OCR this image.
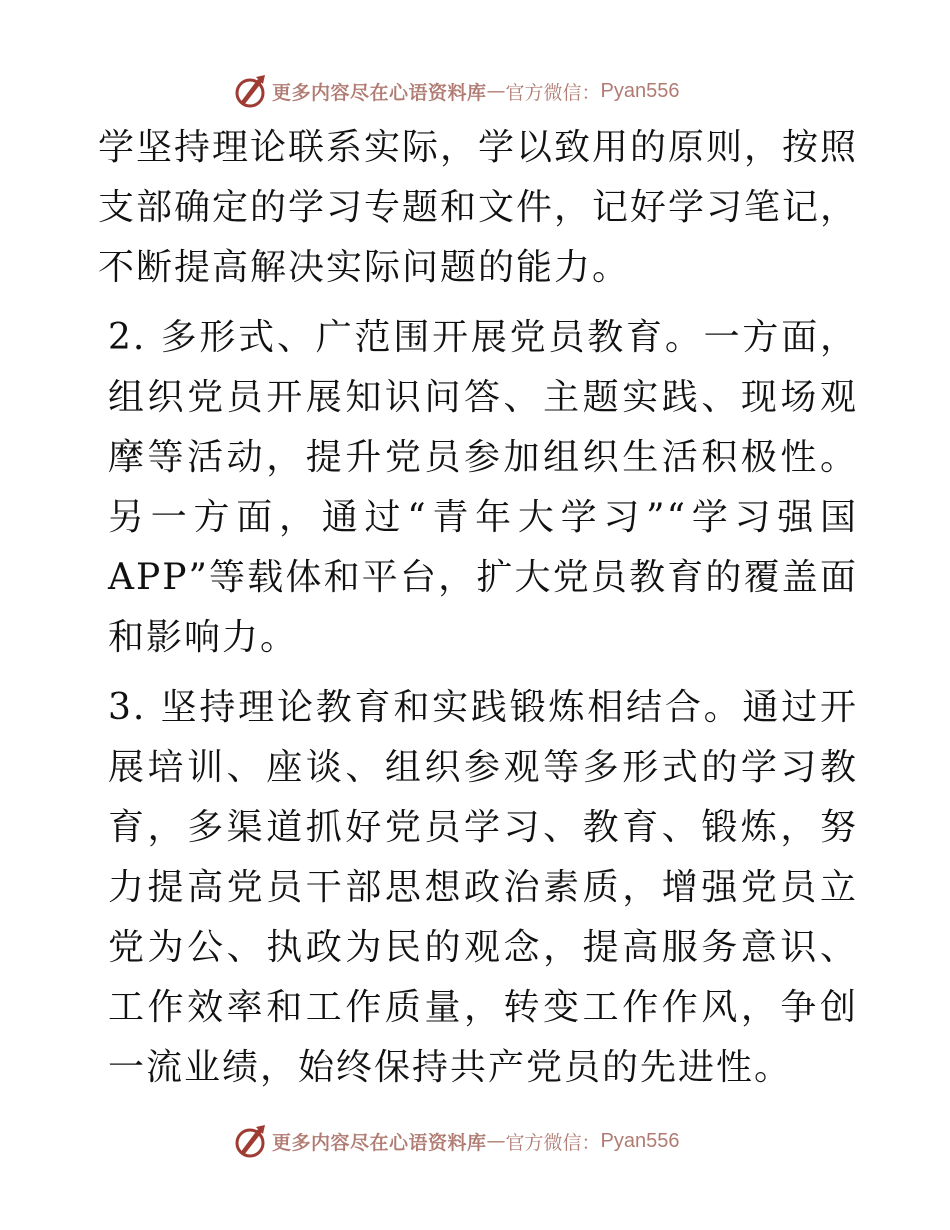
更多内容尽在心语资料库 — 官方微信： Pyan556

学坚持理论联系实际，学以致用的原则，按照支部确定的学习专题和文件，记好学习笔记，不断提高解决实际问题的能力。

2. 多形式、广范围开展党员教育。一方面，组织党员开展知识问答、主题实践、现场观摩等活动，提升党员参加组织生活积极性。另一方面，通过“青年大学习”“学习强国 APP”等载体和平台，扩大党员教育的覆盖面和影响力。

3. 坚持理论教育和实践锻炼相结合。通过开展培训、座谈、组织参观等多形式的学习教育，多渠道抓好党员学习、教育、锻炼，努力提高党员干部思想政治素质，增强党员立党为公、执政为民的观念，提高服务意识、工作效率和工作质量，转变工作作风，争创一流业绩，始终保持共产党员的先进性。

更多内容尽在心语资料库 — 官方微信： Pyan556
